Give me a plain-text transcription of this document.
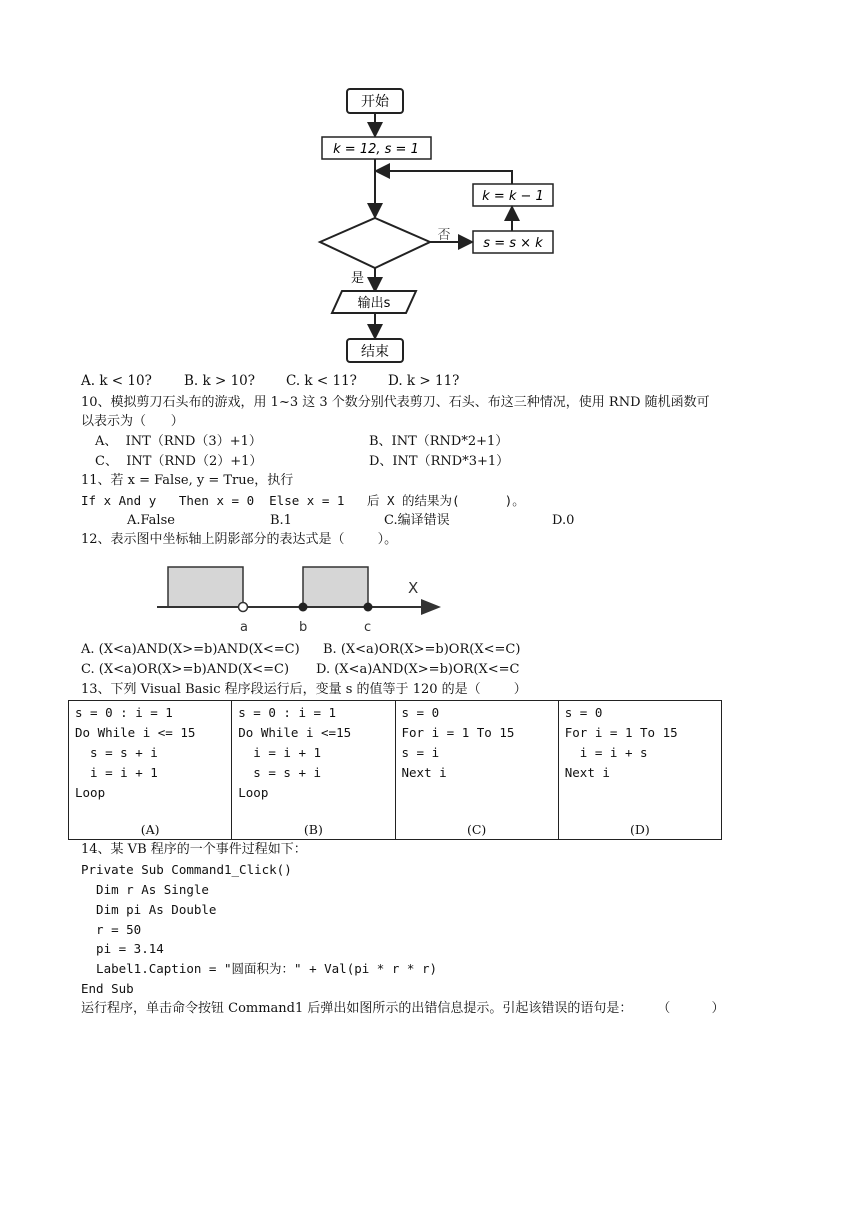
开始
k = 12, s = 1
k = k − 1
s = s × k
否
是
输出s
结束
A. k < 10? B. k > 10? C. k < 11? D. k > 11?
10、模拟剪刀石头布的游戏，用 1~3 这 3 个数分别代表剪刀、石头、布这三种情况，使用 RND 随机函数可
以表示为（      ）
A、  INT（RND（3）+1）	B、INT（RND*2+1）
C、  INT（RND（2）+1）	D、INT（RND*3+1）
11、若 x = False, y = True，执行
If x And y   Then x = 0  Else x = 1   后 X 的结果为(      )。
A.False	B.1	C.编译错误	D.0
12、表示图中坐标轴上阴影部分的表达式是（        ）。
a	b	c
X
A. (X<a)AND(X>=b)AND(X<=C) B. (X<a)OR(X>=b)OR(X<=C)
C. (X<a)OR(X>=b)AND(X<=C) D. (X<a)AND(X>=b)OR(X<=C
13、下列 Visual Basic 程序段运行后，变量 s 的值等于 120 的是（        ）
s = 0 : i = 1
Do While i <= 15
s = s + i
i = i + 1
Loop
(A)

s = 0 : i = 1
Do While i <=15
i = i + 1
s = s + i
Loop
(B)

s = 0
For i = 1 To 15
s = i
Next i
(C)

s = 0
For i = 1 To 15
i = i + s
Next i
(D)
14、某 VB 程序的一个事件过程如下：
Private Sub Command1_Click()
Dim r As Single
Dim pi As Double
r = 50
pi = 3.14
Label1.Caption = "圆面积为：" + Val(pi * r * r)
End Sub
运行程序，单击命令按钮 Command1 后弹出如图所示的出错信息提示。引起该错误的语句是：      （          ）
